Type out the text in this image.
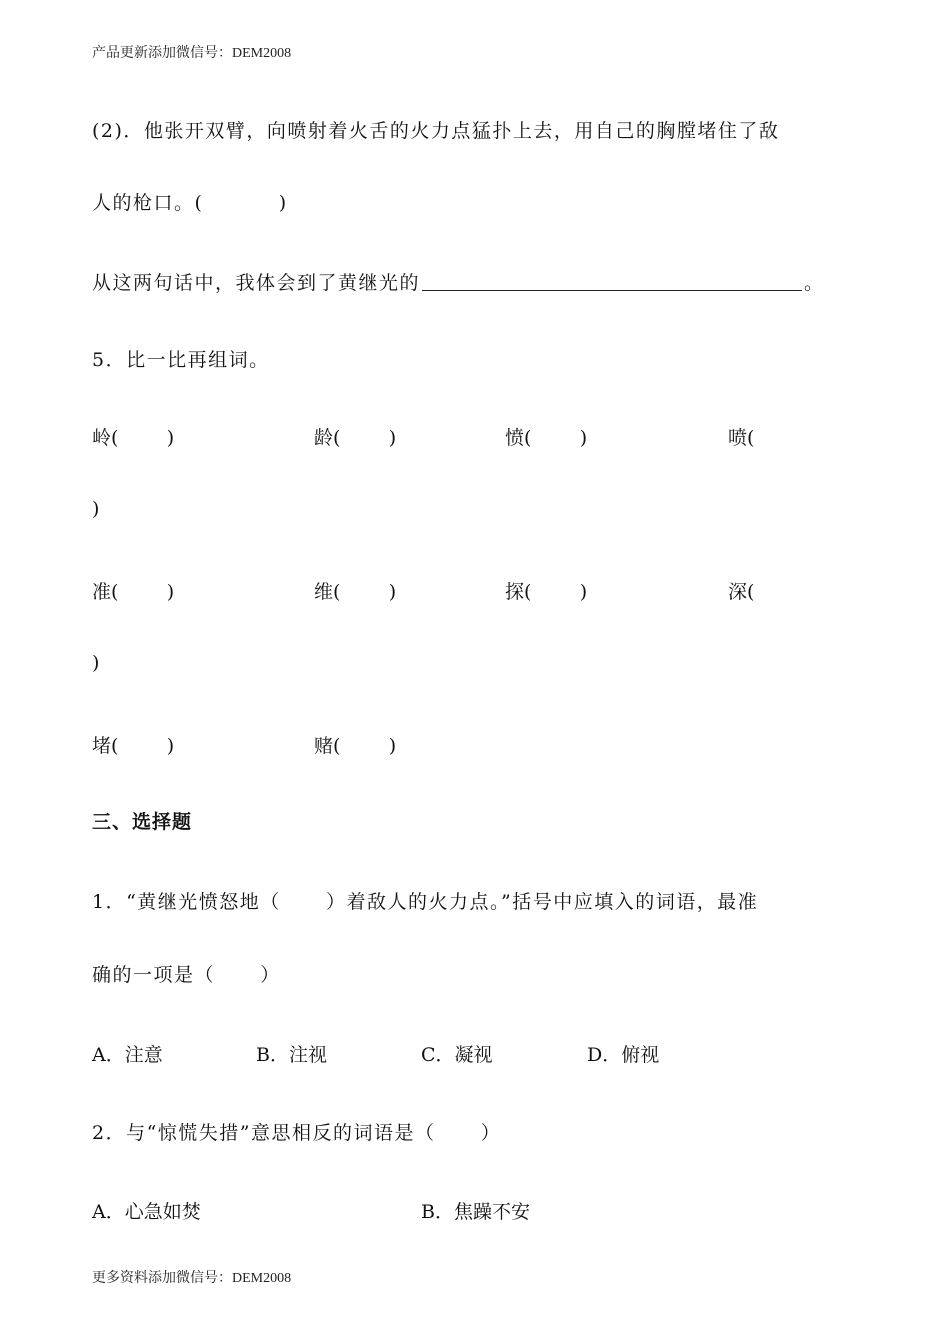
产品更新添加微信号：DEM2008
(2)．他张开双臂，向喷射着火舌的火力点猛扑上去，用自己的胸膛堵住了敌
人的枪口。(          )
从这两句话中，我体会到了黄继光的	。
5．比一比再组词。
岭(        )	龄(        )	愤(        )	喷(
)
准(        )	维(        )	探(        )	深(
)
堵(        )	赌(        )
三、选择题
1．“黄继光愤怒地（      ）着敌人的火力点。”括号中应填入的词语，最准
确的一项是（      ）
A．注意	B．注视	C．凝视	D．俯视
2．与“惊慌失措”意思相反的词语是（      ）
A．心急如焚	B．焦躁不安
更多资料添加微信号：DEM2008
